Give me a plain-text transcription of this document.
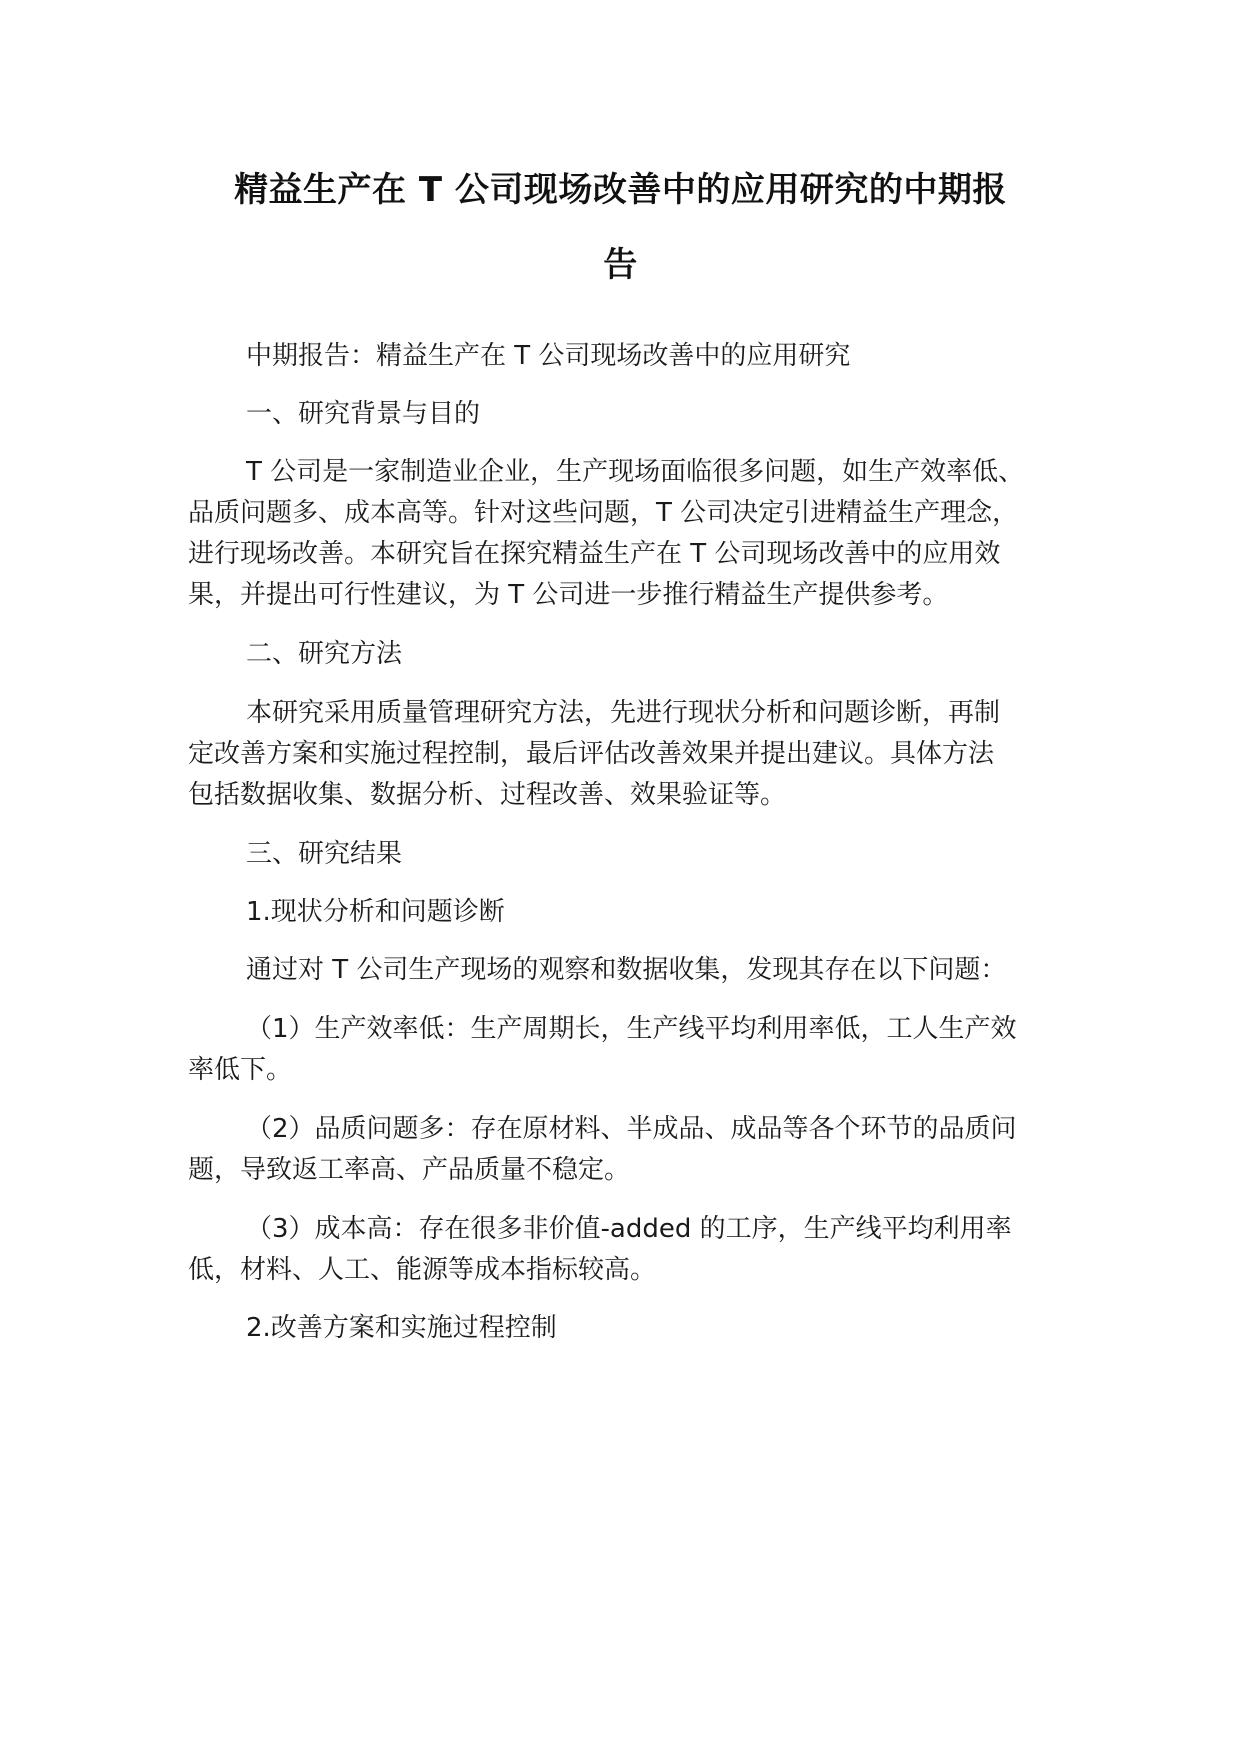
精益生产在 T 公司现场改善中的应用研究的中期报
告
中期报告：精益生产在 T 公司现场改善中的应用研究
一、研究背景与目的
T 公司是一家制造业企业，生产现场面临很多问题，如生产效率低、
品质问题多、成本高等。针对这些问题，T 公司决定引进精益生产理念，
进行现场改善。本研究旨在探究精益生产在 T 公司现场改善中的应用效
果，并提出可行性建议，为 T 公司进一步推行精益生产提供参考。
二、研究方法
本研究采用质量管理研究方法，先进行现状分析和问题诊断，再制
定改善方案和实施过程控制，最后评估改善效果并提出建议。具体方法
包括数据收集、数据分析、过程改善、效果验证等。
三、研究结果
1.现状分析和问题诊断
通过对 T 公司生产现场的观察和数据收集，发现其存在以下问题：
（1）生产效率低：生产周期长，生产线平均利用率低，工人生产效
率低下。
（2）品质问题多：存在原材料、半成品、成品等各个环节的品质问
题，导致返工率高、产品质量不稳定。
（3）成本高：存在很多非价值-added 的工序，生产线平均利用率
低，材料、人工、能源等成本指标较高。
2.改善方案和实施过程控制
